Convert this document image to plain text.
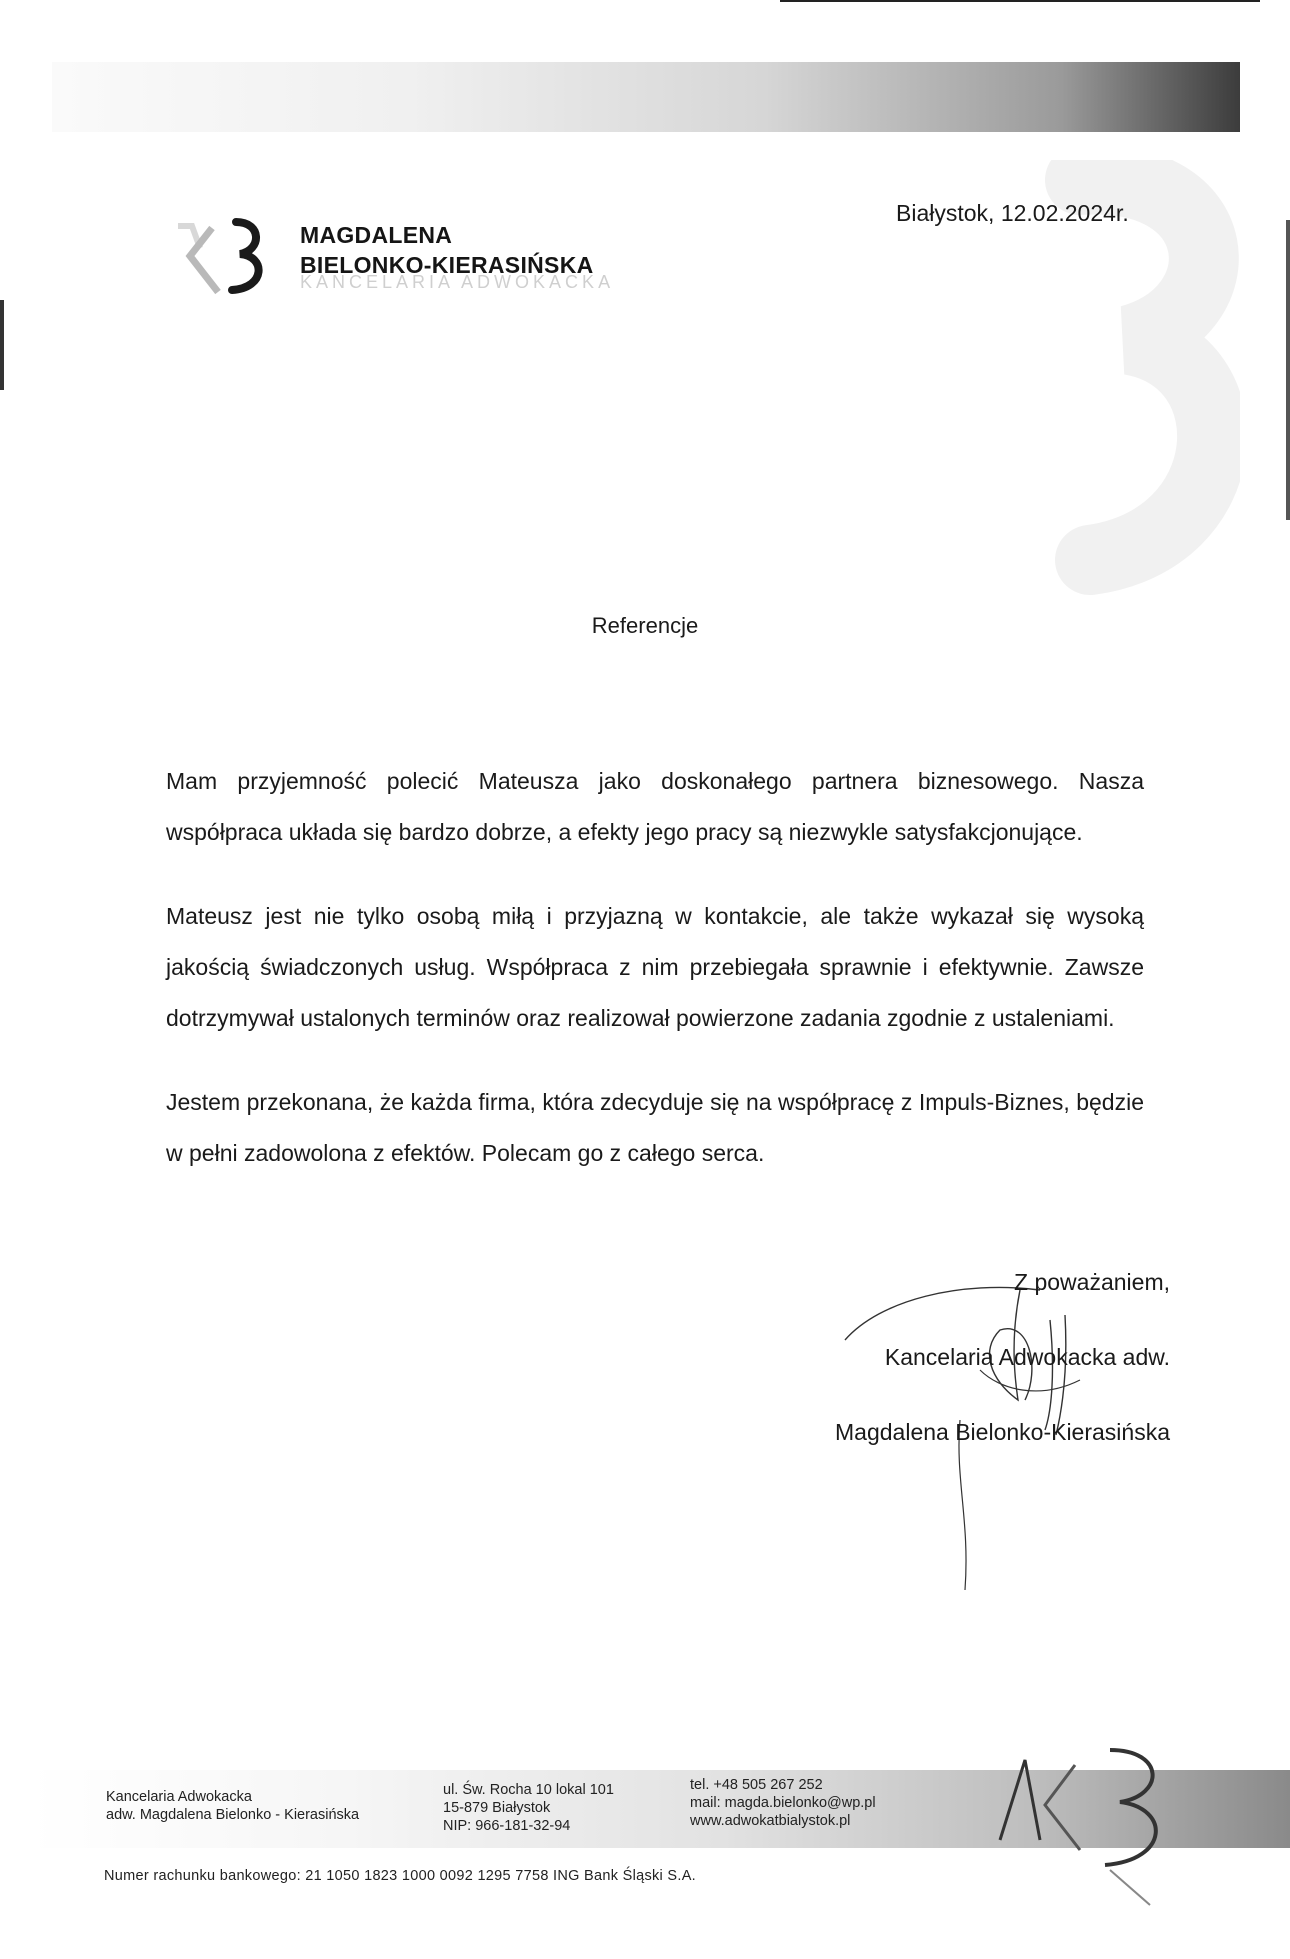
MAGDALENA
BIELONKO-KIERASIŃSKA
KANCELARIA ADWOKACKA
Białystok, 12.02.2024r.
Referencje

Mam przyjemność polecić Mateusza jako doskonałego partnera biznesowego. Nasza współpraca układa się bardzo dobrze, a efekty jego pracy są niezwykle satysfakcjonujące.

Mateusz jest nie tylko osobą miłą i przyjazną w kontakcie, ale także wykazał się wysoką jakością świadczonych usług. Współpraca z nim przebiegała sprawnie i efektywnie. Zawsze dotrzymywał ustalonych terminów oraz realizował powierzone zadania zgodnie z ustaleniami.

Jestem przekonana, że każda firma, która zdecyduje się na współpracę z Impuls-Biznes, będzie w pełni zadowolona z efektów. Polecam go z całego serca.

Z poważaniem,
Kancelaria Adwokacka adw.
Magdalena Bielonko-Kierasińska
Kancelaria Adwokacka
adw. Magdalena Bielonko - Kierasińska
ul. Św. Rocha 10 lokal 101
15-879 Białystok
NIP: 966-181-32-94
tel. +48 505 267 252
mail: magda.bielonko@wp.pl
www.adwokatbialystok.pl
Numer rachunku bankowego: 21 1050 1823 1000 0092 1295 7758 ING Bank Śląski S.A.
